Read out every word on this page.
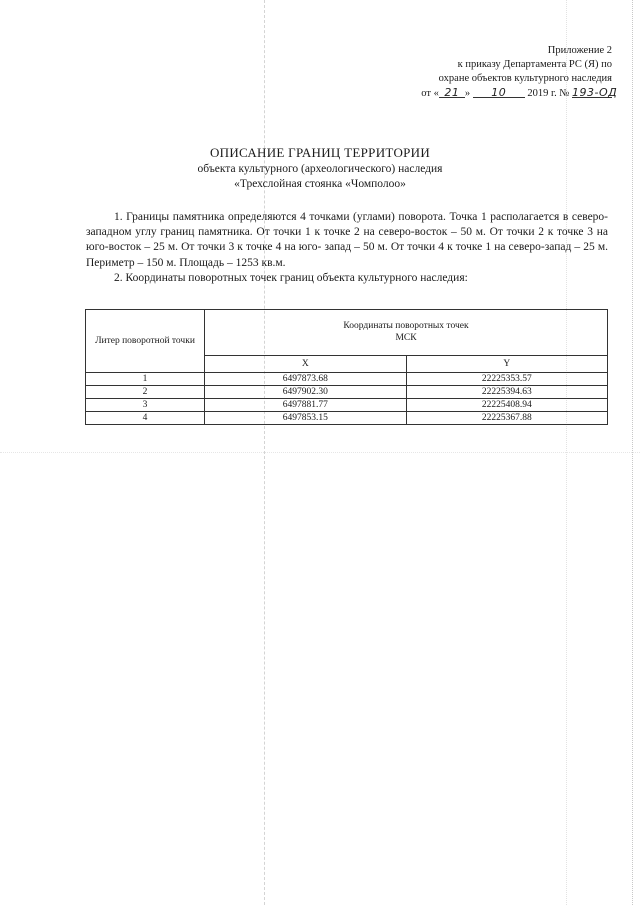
Приложение 2
к приказу Департамента РС (Я) по
охране объектов культурного наследия
от « 21 » 10 2019 г. № 193-ОД
ОПИСАНИЕ ГРАНИЦ ТЕРРИТОРИИ
объекта культурного (археологического) наследия
«Трехслойная стоянка «Чомполоо»

1. Границы памятника определяются 4 точками (углами) поворота. Точка 1 располагается в северо-западном углу границ памятника. От точки 1 к точке 2 на северо-восток – 50 м. От точки 2 к точке 3 на юго-восток – 25 м. От точки 3 к точке 4 на юго- запад – 50 м. От точки 4 к точке 1 на северо-запад – 25 м. Периметр – 150 м. Площадь – 1253 кв.м.

2. Координаты поворотных точек границ объекта культурного наследия:

Литер поворотной точки	Координаты поворотных точек
МСК	

	X	Y
1	6497873.68	22225353.57
2	6497902.30	22225394.63
3	6497881.77	22225408.94
4	6497853.15	22225367.88
